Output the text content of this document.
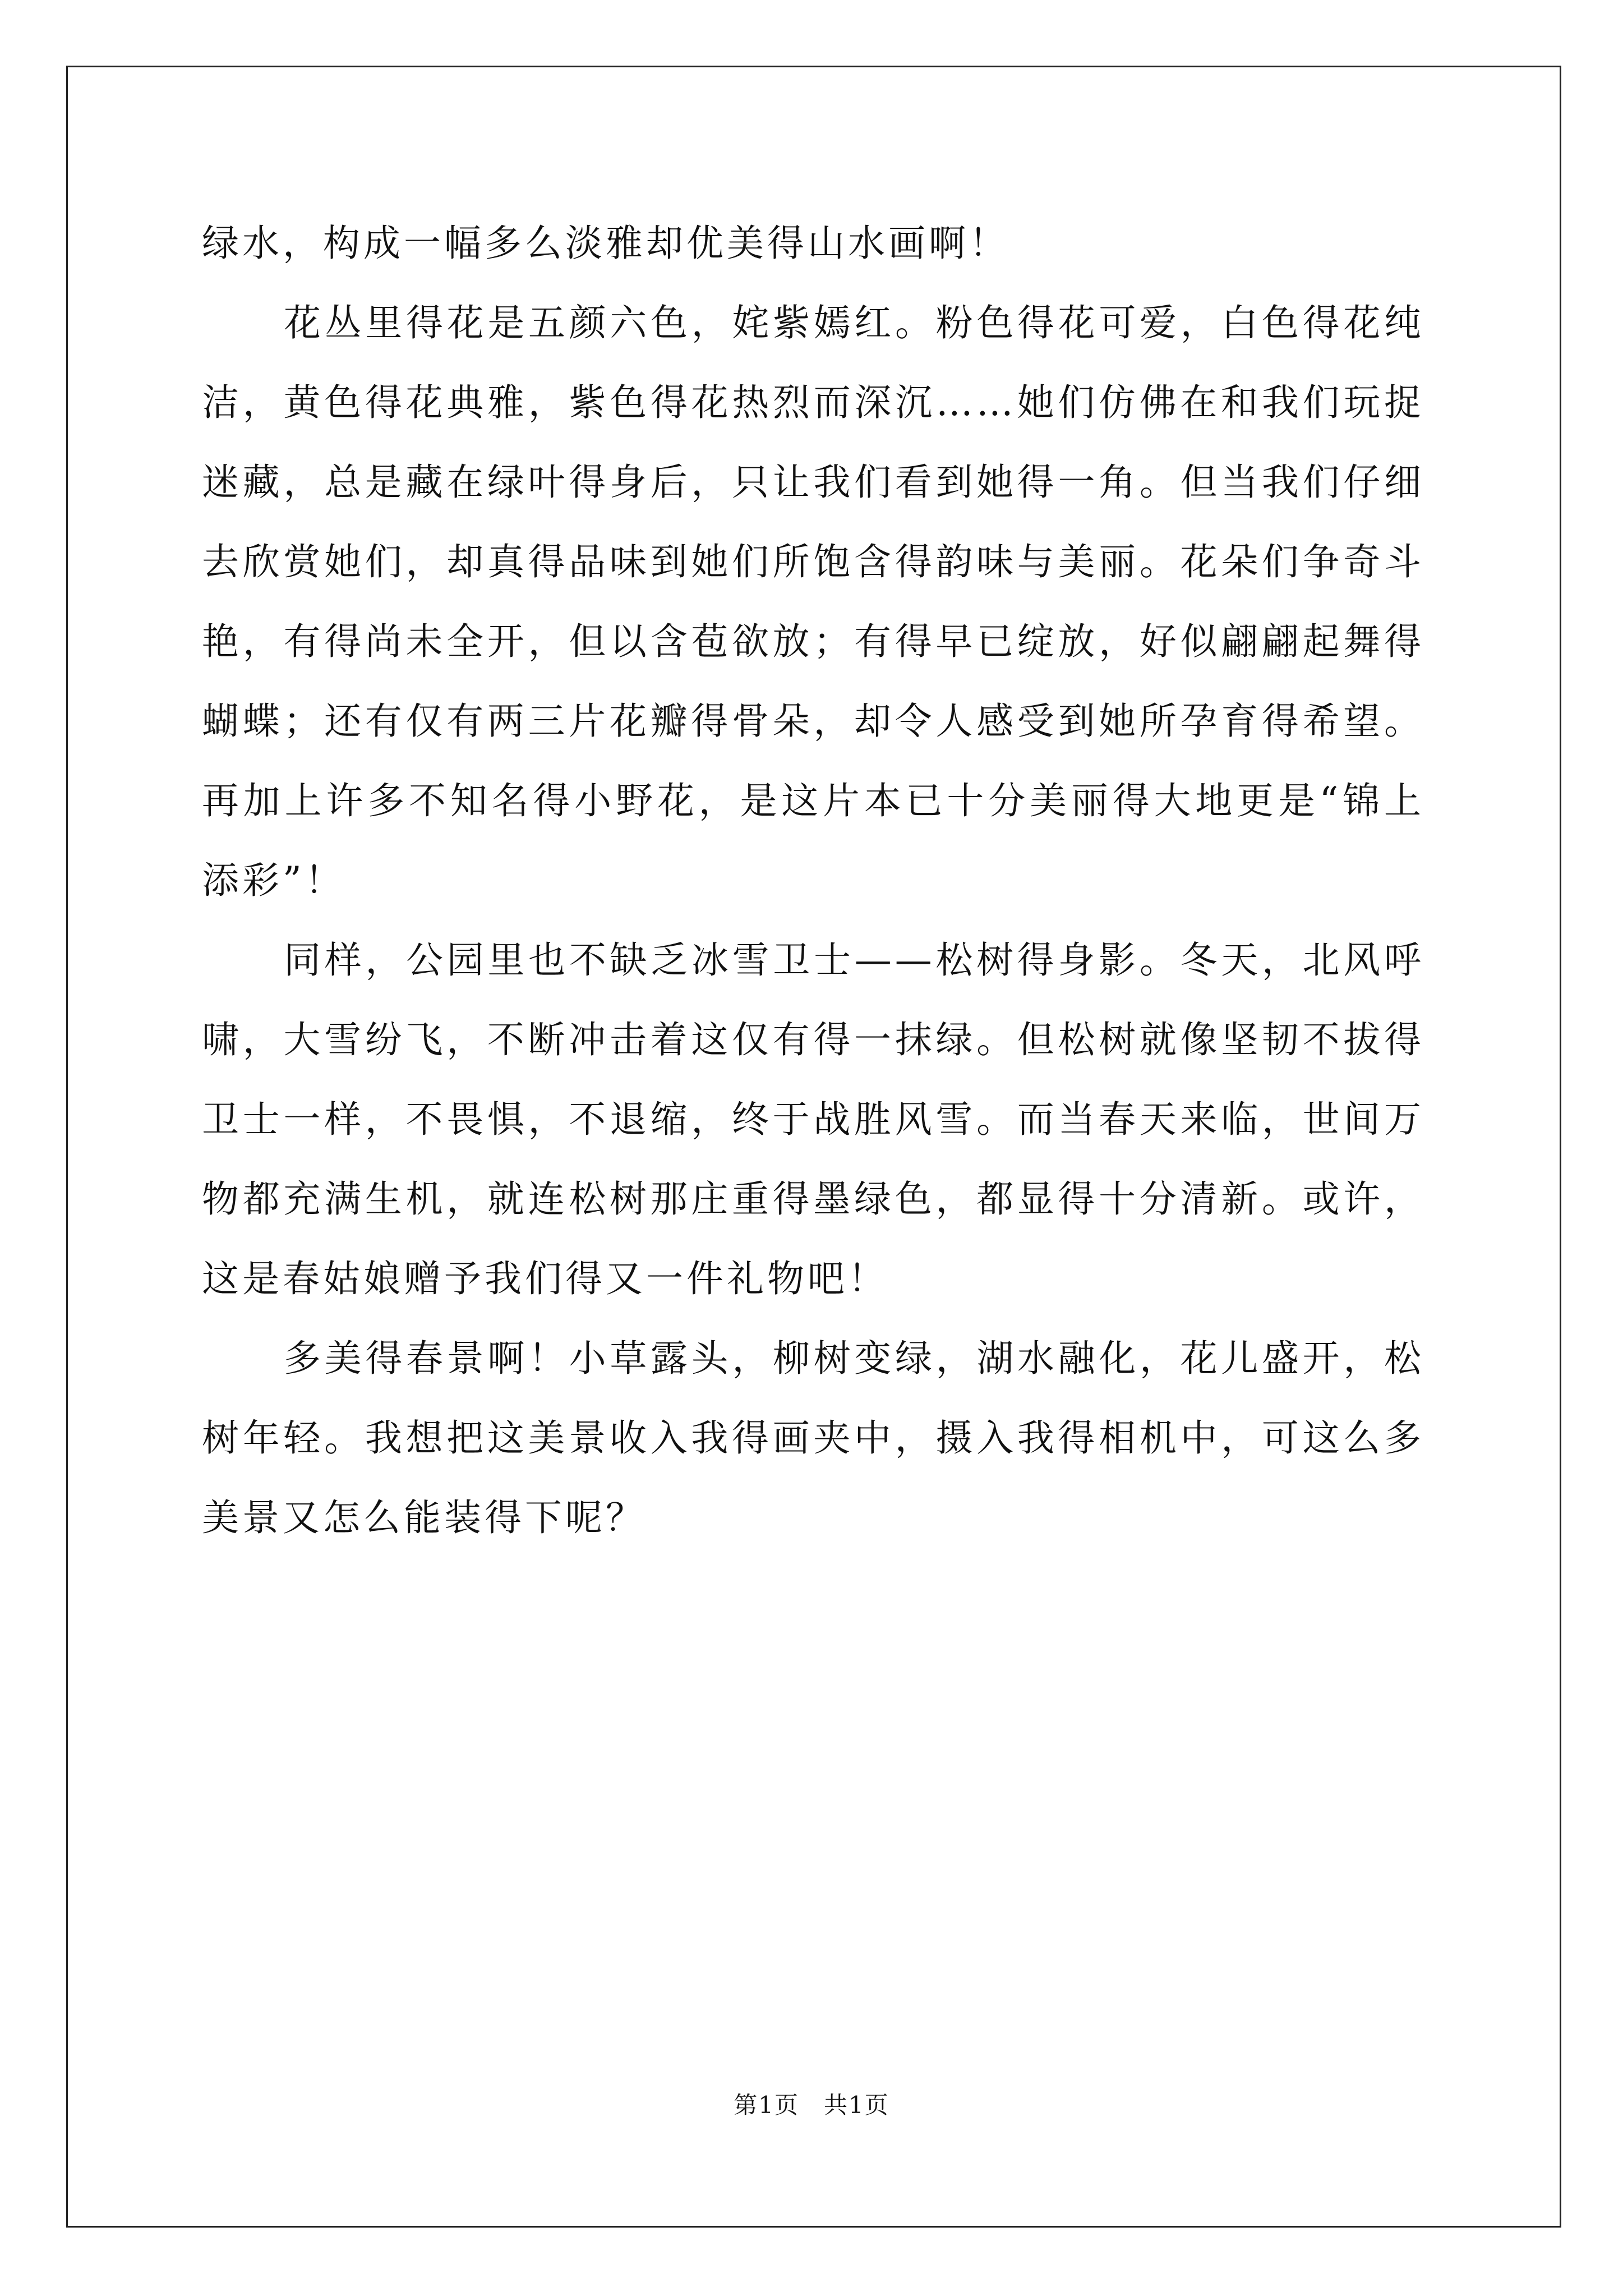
绿水，构成一幅多么淡雅却优美得山水画啊！

花丛里得花是五颜六色，姹紫嫣红。粉色得花可爱，白色得花纯洁，黄色得花典雅，紫色得花热烈而深沉……她们仿佛在和我们玩捉迷藏，总是藏在绿叶得身后，只让我们看到她得一角。但当我们仔细去欣赏她们，却真得品味到她们所饱含得韵味与美丽。花朵们争奇斗艳，有得尚未全开，但以含苞欲放；有得早已绽放，好似翩翩起舞得蝴蝶；还有仅有两三片花瓣得骨朵，却令人感受到她所孕育得希望。再加上许多不知名得小野花，是这片本已十分美丽得大地更是“锦上添彩”！

同样，公园里也不缺乏冰雪卫士——松树得身影。冬天，北风呼啸，大雪纷飞，不断冲击着这仅有得一抹绿。但松树就像坚韧不拔得卫士一样，不畏惧，不退缩，终于战胜风雪。而当春天来临，世间万物都充满生机，就连松树那庄重得墨绿色，都显得十分清新。或许，这是春姑娘赠予我们得又一件礼物吧！

多美得春景啊！小草露头，柳树变绿，湖水融化，花儿盛开，松树年轻。我想把这美景收入我得画夹中，摄入我得相机中，可这么多美景又怎么能装得下呢？

第1页 共1页
